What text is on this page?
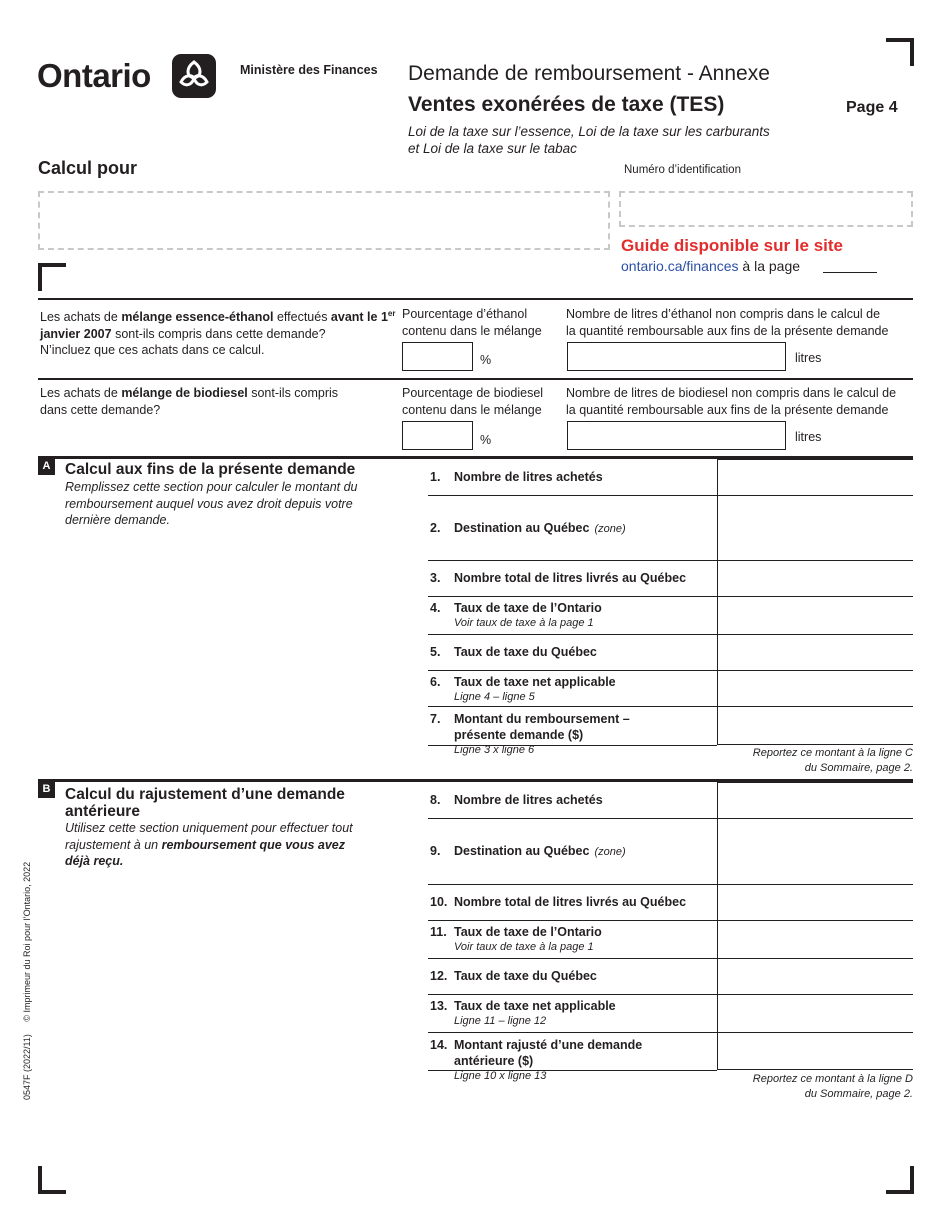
Ontario	Ministère des Finances Demande de remboursement - Annexe
Ventes exonérées de taxe (TES)	Page 4
Loi de la taxe sur l’essence, Loi de la taxe sur les carburants
et Loi de la taxe sur le tabac
Calcul pour	Numéro d’identification
Guide disponible sur le site
ontario.ca/finances à la page
Les achats de mélange essence-éthanol effectués avant le 1er janvier 2007 sont-ils compris dans cette demande?
N’incluez que ces achats dans ce calcul.
Pourcentage d’éthanol
contenu dans le mélange
%
Nombre de litres d’éthanol non compris dans le calcul de
la quantité remboursable aux fins de la présente demande
litres
Les achats de mélange de biodiesel sont-ils compris
dans cette demande?
Pourcentage de biodiesel
contenu dans le mélange
%
Nombre de litres de biodiesel non compris dans le calcul de
la quantité remboursable aux fins de la présente demande
litres
A Calcul aux fins de la présente demande
Remplissez cette section pour calculer le montant du
remboursement auquel vous avez droit depuis votre
dernière demande.
1. Nombre de litres achetés
2. Destination au Québec (zone)
3. Nombre total de litres livrés au Québec
4. Taux de taxe de l’Ontario
Voir taux de taxe à la page 1
5. Taux de taxe du Québec
6. Taux de taxe net applicable
Ligne 4 – ligne 5
7. Montant du remboursement –
présente demande ($)
Ligne 3 x ligne 6	Reportez ce montant à la ligne C
du Sommaire, page 2.
B Calcul du rajustement d’une demande
antérieure
Utilisez cette section uniquement pour effectuer tout
rajustement à un remboursement que vous avez
déjà reçu.
8. Nombre de litres achetés
9. Destination au Québec (zone)
10. Nombre total de litres livrés au Québec
11. Taux de taxe de l’Ontario
Voir taux de taxe à la page 1
12. Taux de taxe du Québec
13. Taux de taxe net applicable
Ligne 11 – ligne 12
14. Montant rajusté d’une demande
antérieure ($)
Ligne 10 x ligne 13	Reportez ce montant à la ligne D
du Sommaire, page 2.
0547F (2022/11)     © Imprimeur du Roi pour l’Ontario, 2022
